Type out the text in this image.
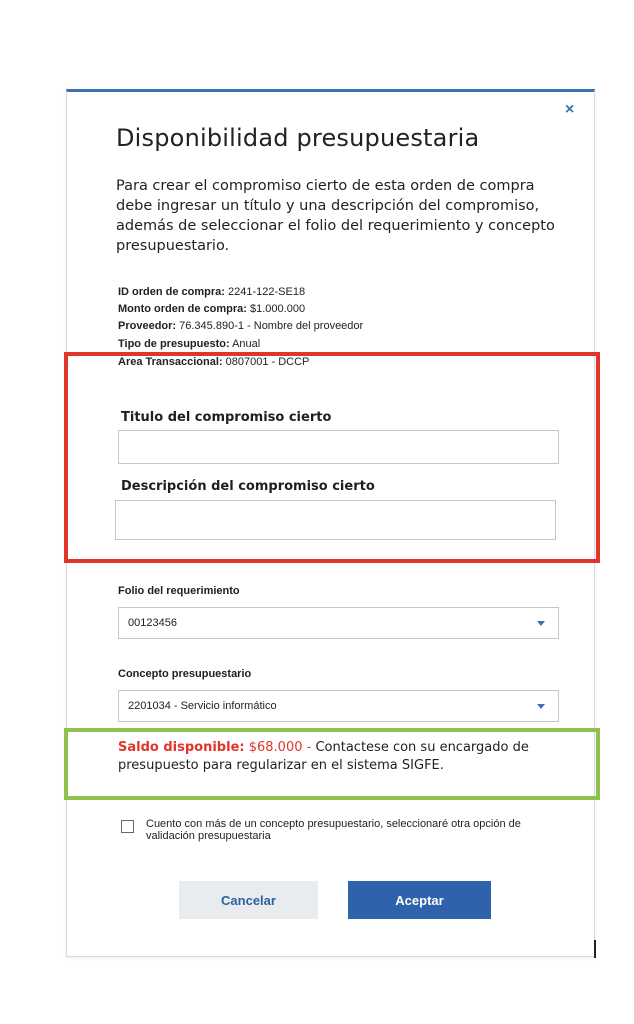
×
Disponibilidad presupuestaria

Para crear el compromiso cierto de esta orden de compra debe ingresar un título y una descripción del compromiso, además de seleccionar el folio del requerimiento y concepto presupuestario.

ID orden de compra: 2241-122-SE18
Monto orden de compra: $1.000.000
Proveedor: 76.345.890-1 - Nombre del proveedor
Tipo de presupuesto: Anual
Area Transaccional: 0807001 - DCCP
Titulo del compromiso cierto
Descripción del compromiso cierto
Folio del requerimiento
00123456
Concepto presupuestario
2201034 - Servicio informático
Saldo disponible: $68.000 - Contactese con su encargado de presupuesto para regularizar en el sistema SIGFE.
Cuento con más de un concepto presupuestario, seleccionaré otra opción de validación presupuestaria
Cancelar	Aceptar
